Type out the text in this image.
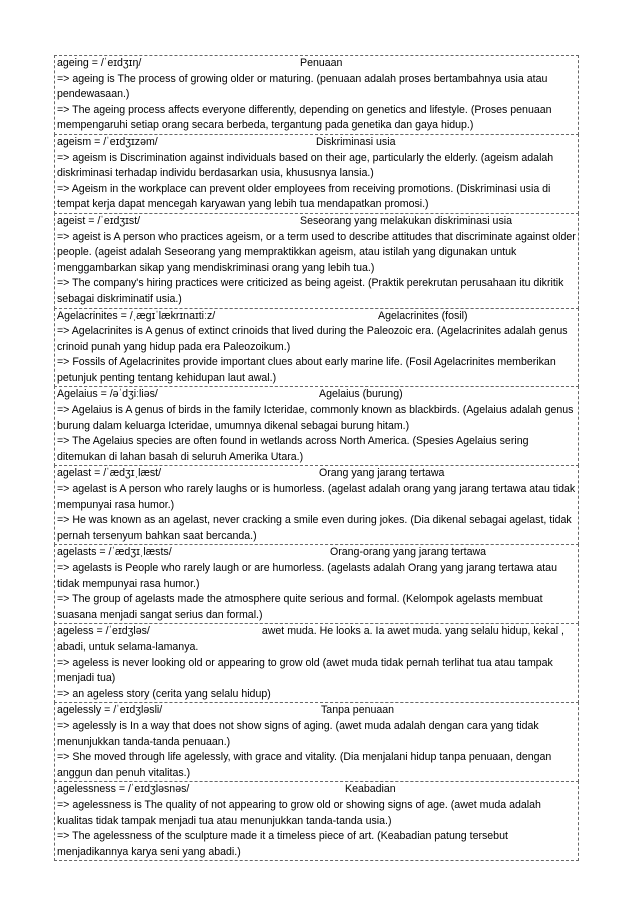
ageing = /ˈeɪdʒɪŋ/	Penuaan
=> ageing is The process of growing older or maturing. (penuaan adalah proses bertambahnya usia atau pendewasaan.)
=> The ageing process affects everyone differently, depending on genetics and lifestyle. (Proses penuaan mempengaruhi setiap orang secara berbeda, tergantung pada genetika dan gaya hidup.)
ageism = /ˈeɪdʒɪzəm/	Diskriminasi usia
=> ageism is Discrimination against individuals based on their age, particularly the elderly. (ageism adalah diskriminasi terhadap individu berdasarkan usia, khususnya lansia.)
=> Ageism in the workplace can prevent older employees from receiving promotions. (Diskriminasi usia di tempat kerja dapat mencegah karyawan yang lebih tua mendapatkan promosi.)
ageist = /ˈeɪdʒɪst/	Seseorang yang melakukan diskriminasi usia
=> ageist is A person who practices ageism, or a term used to describe attitudes that discriminate against older people. (ageist adalah Seseorang yang mempraktikkan ageism, atau istilah yang digunakan untuk menggambarkan sikap yang mendiskriminasi orang yang lebih tua.)
=> The company's hiring practices were criticized as being ageist. (Praktik perekrutan perusahaan itu dikritik sebagai diskriminatif usia.)
Agelacrinites = /ˌæɡɪˈlækrɪnaɪtiːz/	Agelacrinites (fosil)
=> Agelacrinites is A genus of extinct crinoids that lived during the Paleozoic era. (Agelacrinites adalah genus crinoid punah yang hidup pada era Paleozoikum.)
=> Fossils of Agelacrinites provide important clues about early marine life. (Fosil Agelacrinites memberikan petunjuk penting tentang kehidupan laut awal.)
Agelaius = /əˈdʒiːliəs/	Agelaius (burung)
=> Agelaius is A genus of birds in the family Icteridae, commonly known as blackbirds. (Agelaius adalah genus burung dalam keluarga Icteridae, umumnya dikenal sebagai burung hitam.)
=> The Agelaius species are often found in wetlands across North America. (Spesies Agelaius sering ditemukan di lahan basah di seluruh Amerika Utara.)
agelast = /ˈædʒɪˌlæst/	Orang yang jarang tertawa
=> agelast is A person who rarely laughs or is humorless. (agelast adalah orang yang jarang tertawa atau tidak mempunyai rasa humor.)
=> He was known as an agelast, never cracking a smile even during jokes. (Dia dikenal sebagai agelast, tidak pernah tersenyum bahkan saat bercanda.)
agelasts = /ˈædʒɪˌlæsts/	Orang-orang yang jarang tertawa
=> agelasts is People who rarely laugh or are humorless. (agelasts adalah Orang yang jarang tertawa atau tidak mempunyai rasa humor.)
=> The group of agelasts made the atmosphere quite serious and formal. (Kelompok agelasts membuat suasana menjadi sangat serius dan formal.)
ageless = /ˈeɪdʒləs/	awet muda. He looks a. Ia awet muda. yang selalu hidup, kekal , abadi, untuk selama-lamanya.
=> ageless is never looking old or appearing to grow old (awet muda tidak pernah terlihat tua atau tampak menjadi tua)
=> an ageless story (cerita yang selalu hidup)
agelessly = /ˈeɪdʒləsli/	Tanpa penuaan
=> agelessly is In a way that does not show signs of aging. (awet muda adalah dengan cara yang tidak menunjukkan tanda-tanda penuaan.)
=> She moved through life agelessly, with grace and vitality. (Dia menjalani hidup tanpa penuaan, dengan anggun dan penuh vitalitas.)
agelessness = /ˈeɪdʒləsnəs/	Keabadian
=> agelessness is The quality of not appearing to grow old or showing signs of age. (awet muda adalah kualitas tidak tampak menjadi tua atau menunjukkan tanda-tanda usia.)
=> The agelessness of the sculpture made it a timeless piece of art. (Keabadian patung tersebut menjadikannya karya seni yang abadi.)
